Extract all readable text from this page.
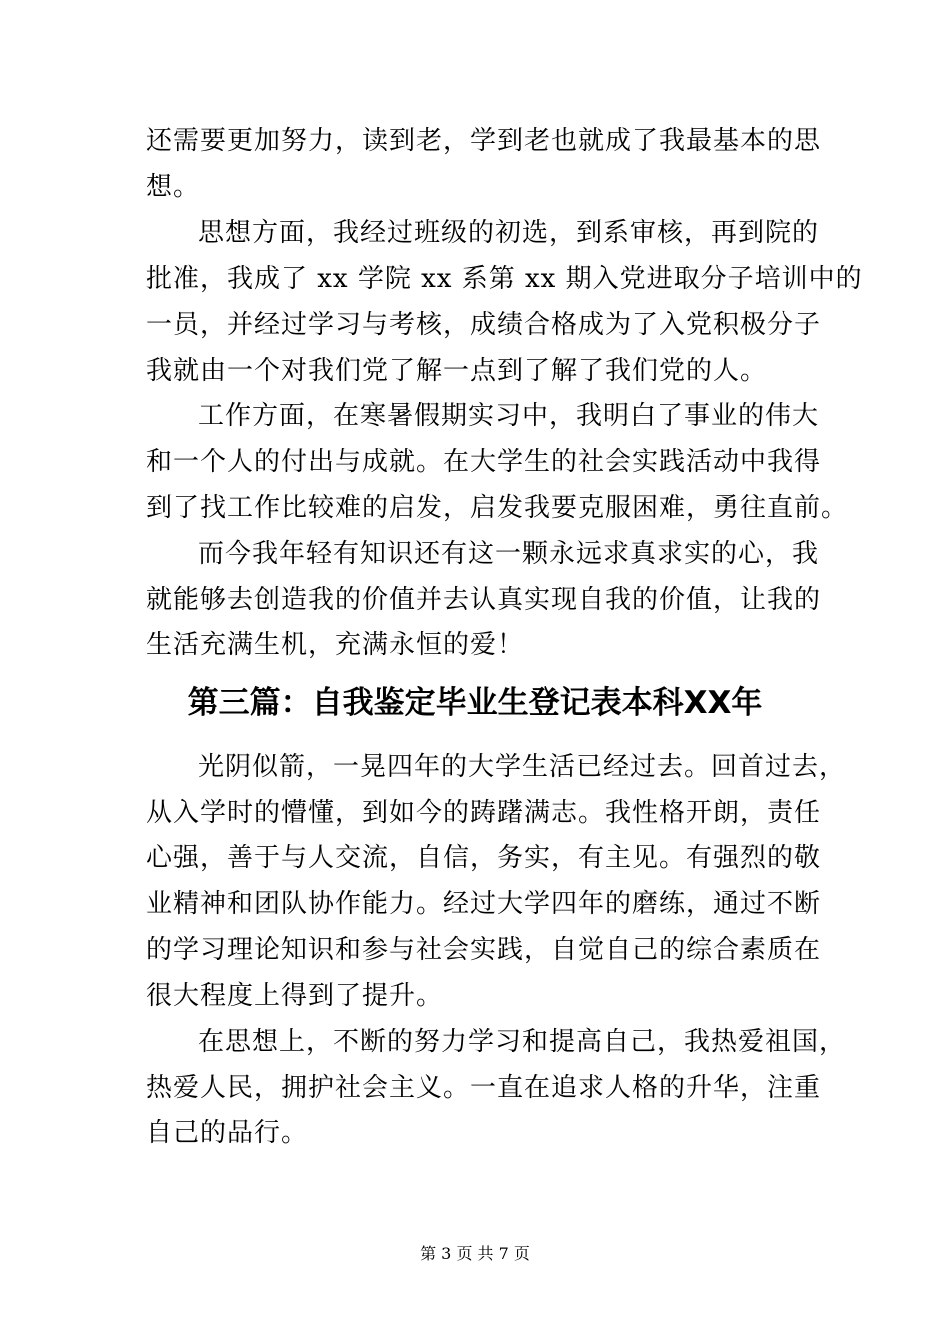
还需要更加努力，读到老，学到老也就成了我最基本的思
想。
思想方面，我经过班级的初选，到系审核，再到院的
批准，我成了 xx 学院 xx 系第 xx 期入党进取分子培训中的
一员，并经过学习与考核，成绩合格成为了入党积极分子
我就由一个对我们党了解一点到了解了我们党的人。
工作方面，在寒暑假期实习中，我明白了事业的伟大
和一个人的付出与成就。在大学生的社会实践活动中我得
到了找工作比较难的启发，启发我要克服困难，勇往直前。
而今我年轻有知识还有这一颗永远求真求实的心，我
就能够去创造我的价值并去认真实现自我的价值，让我的
生活充满生机，充满永恒的爱！
第三篇：自我鉴定毕业生登记表本科XX年
光阴似箭，一晃四年的大学生活已经过去。回首过去，
从入学时的懵懂，到如今的踌躇满志。我性格开朗，责任
心强，善于与人交流，自信，务实，有主见。有强烈的敬
业精神和团队协作能力。经过大学四年的磨练，通过不断
的学习理论知识和参与社会实践，自觉自己的综合素质在
很大程度上得到了提升。
在思想上，不断的努力学习和提高自己，我热爱祖国，
热爱人民，拥护社会主义。一直在追求人格的升华，注重
自己的品行。
第 3 页 共 7 页
